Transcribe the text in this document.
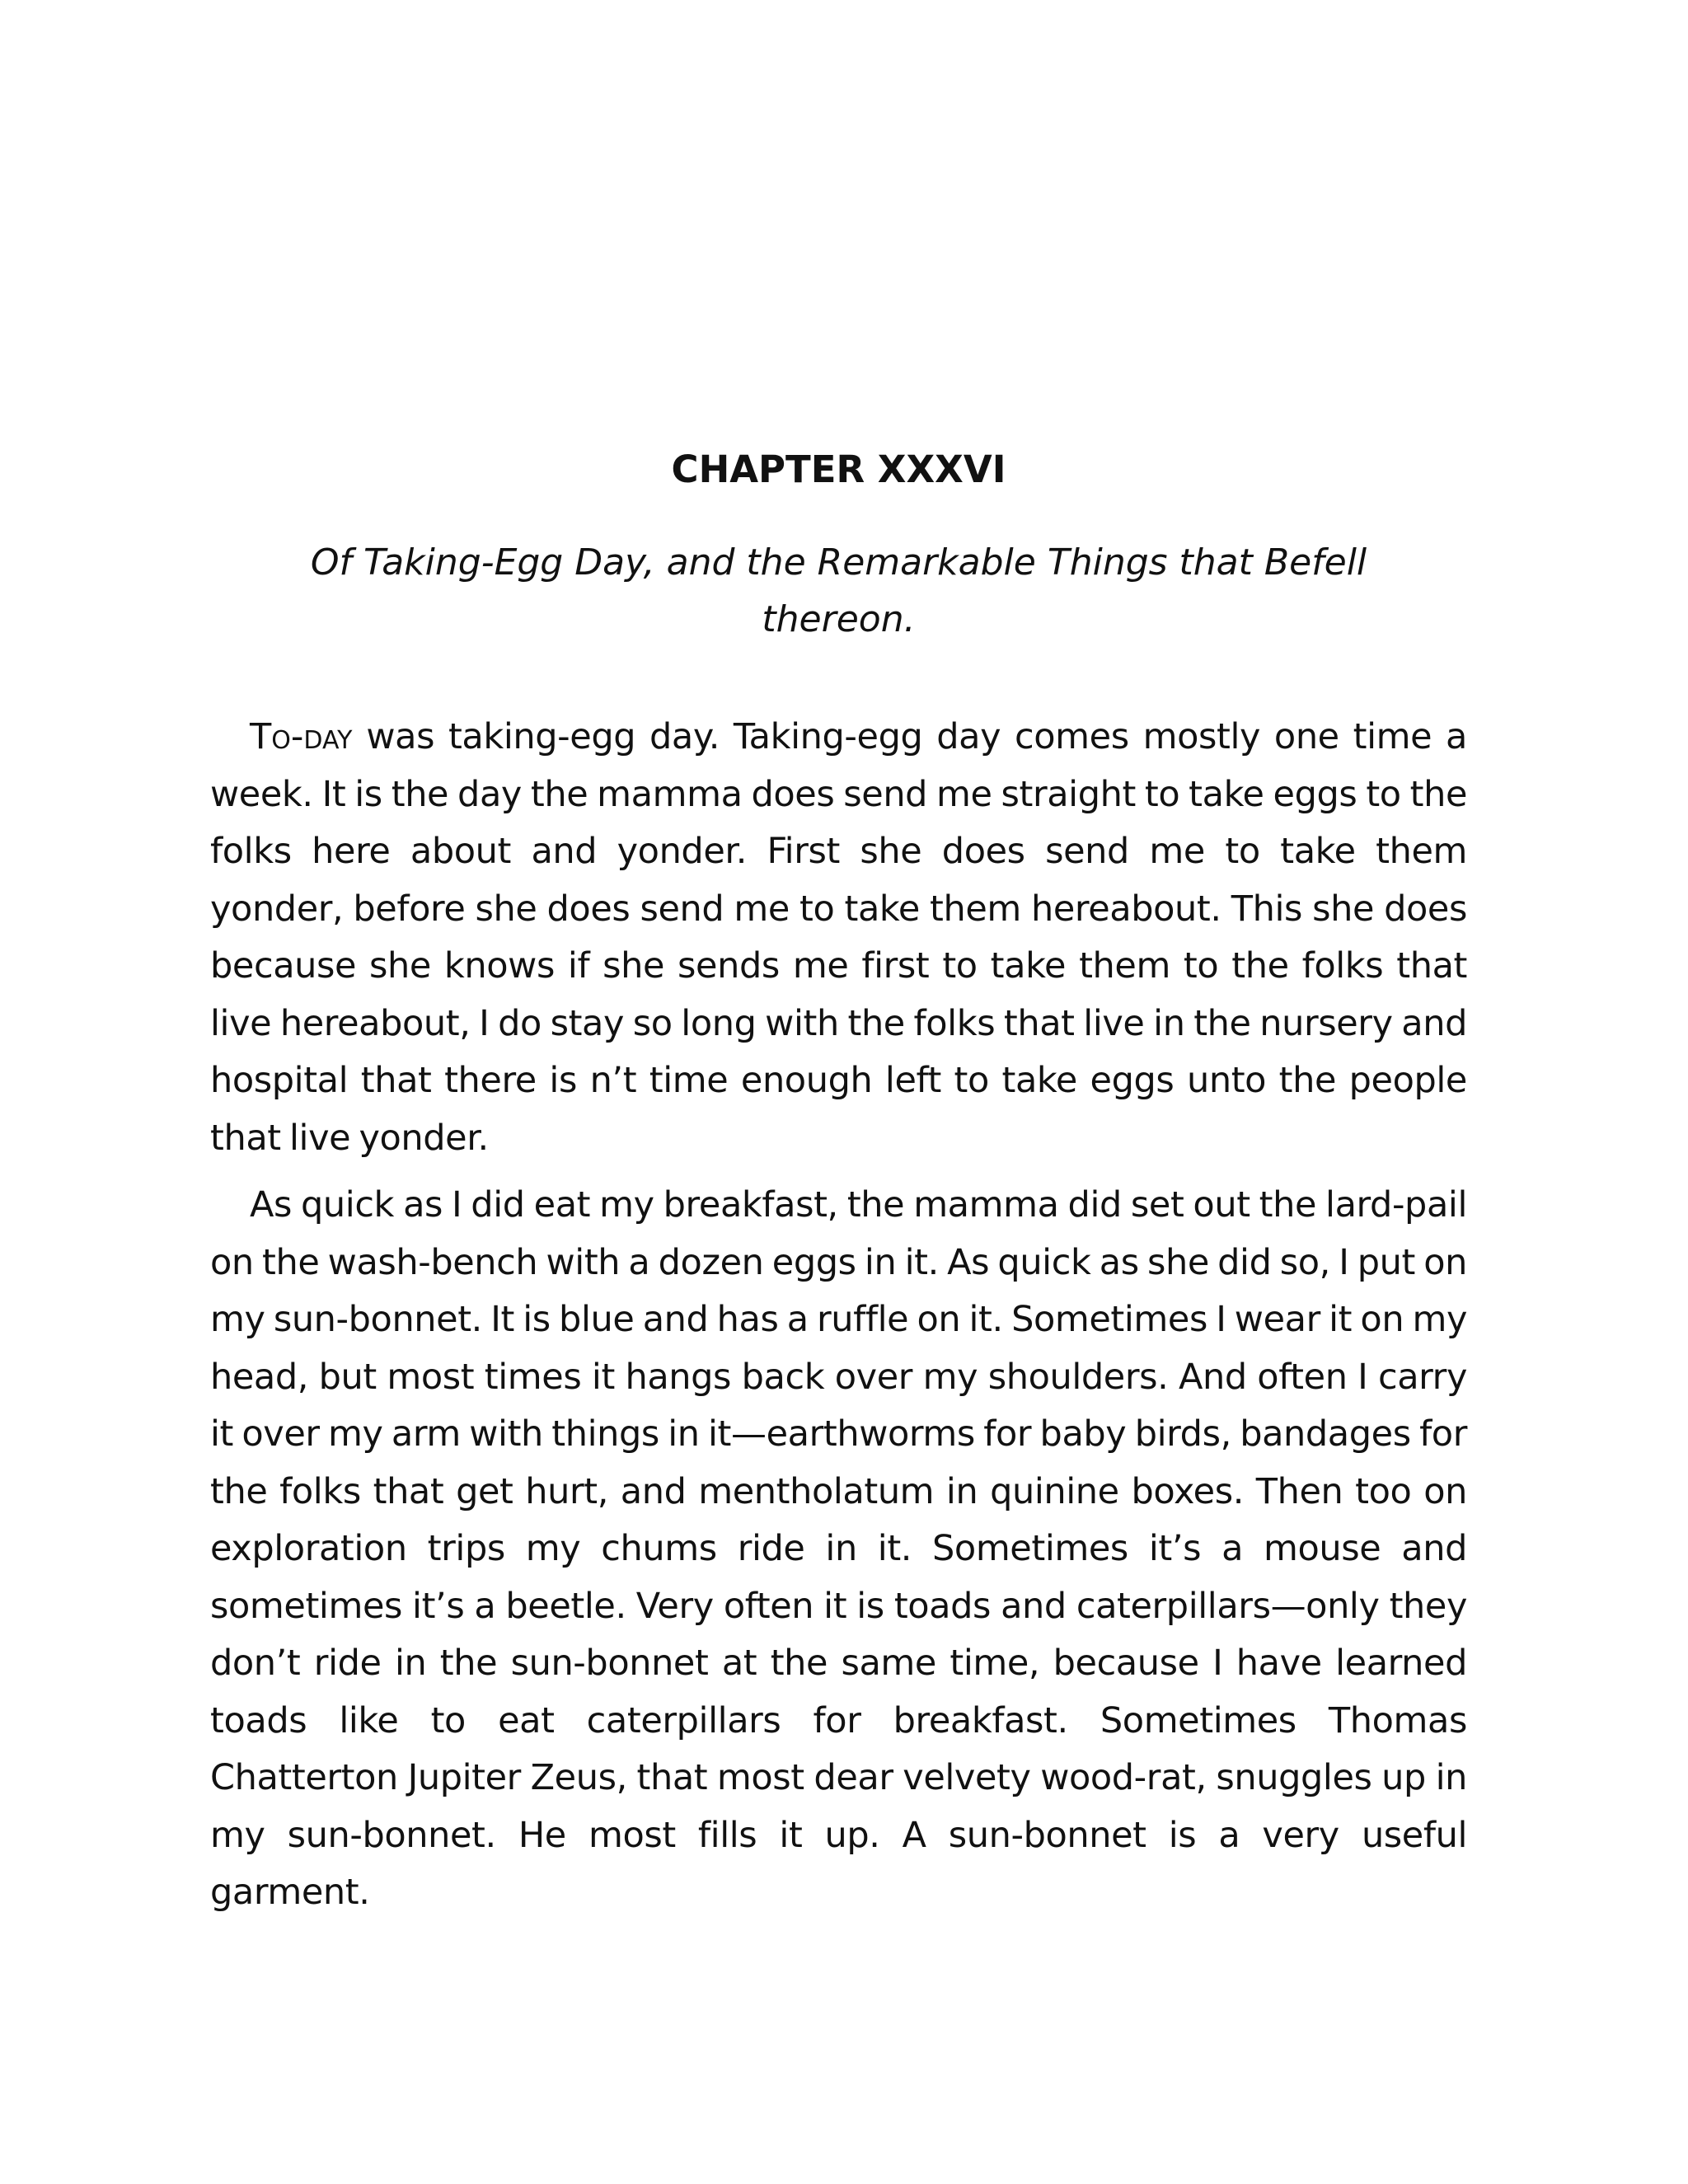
CHAPTER XXXVI
Of Taking-Egg Day, and the Remarkable Things that Befell
thereon.

To-day was taking-egg day. Taking-egg day comes mostly one time a week. It is the day the mamma does send me straight to take eggs to the folks here about and yonder. First she does send me to take them yonder, before she does send me to take them hereabout. This she does because she knows if she sends me first to take them to the folks that live hereabout, I do stay so long with the folks that live in the nursery and hospital that there is n’t time enough left to take eggs unto the people that live yonder.

As quick as I did eat my breakfast, the mamma did set out the lard-pail on the wash-bench with a dozen eggs in it. As quick as she did so, I put on my sun-bonnet. It is blue and has a ruffle on it. Sometimes I wear it on my head, but most times it hangs back over my shoulders. And often I carry it over my arm with things in it—earthworms for baby birds, bandages for the folks that get hurt, and mentholatum in quinine boxes. Then too on exploration trips my chums ride in it. Sometimes it’s a mouse and sometimes it’s a beetle. Very often it is toads and caterpillars—only they don’t ride in the sun-bonnet at the same time, because I have learned toads like to eat caterpillars for breakfast. Sometimes Thomas Chatterton Jupiter Zeus, that most dear velvety wood-rat, snuggles up in my sun-bonnet. He most fills it up. A sun-bonnet is a very useful garment.
